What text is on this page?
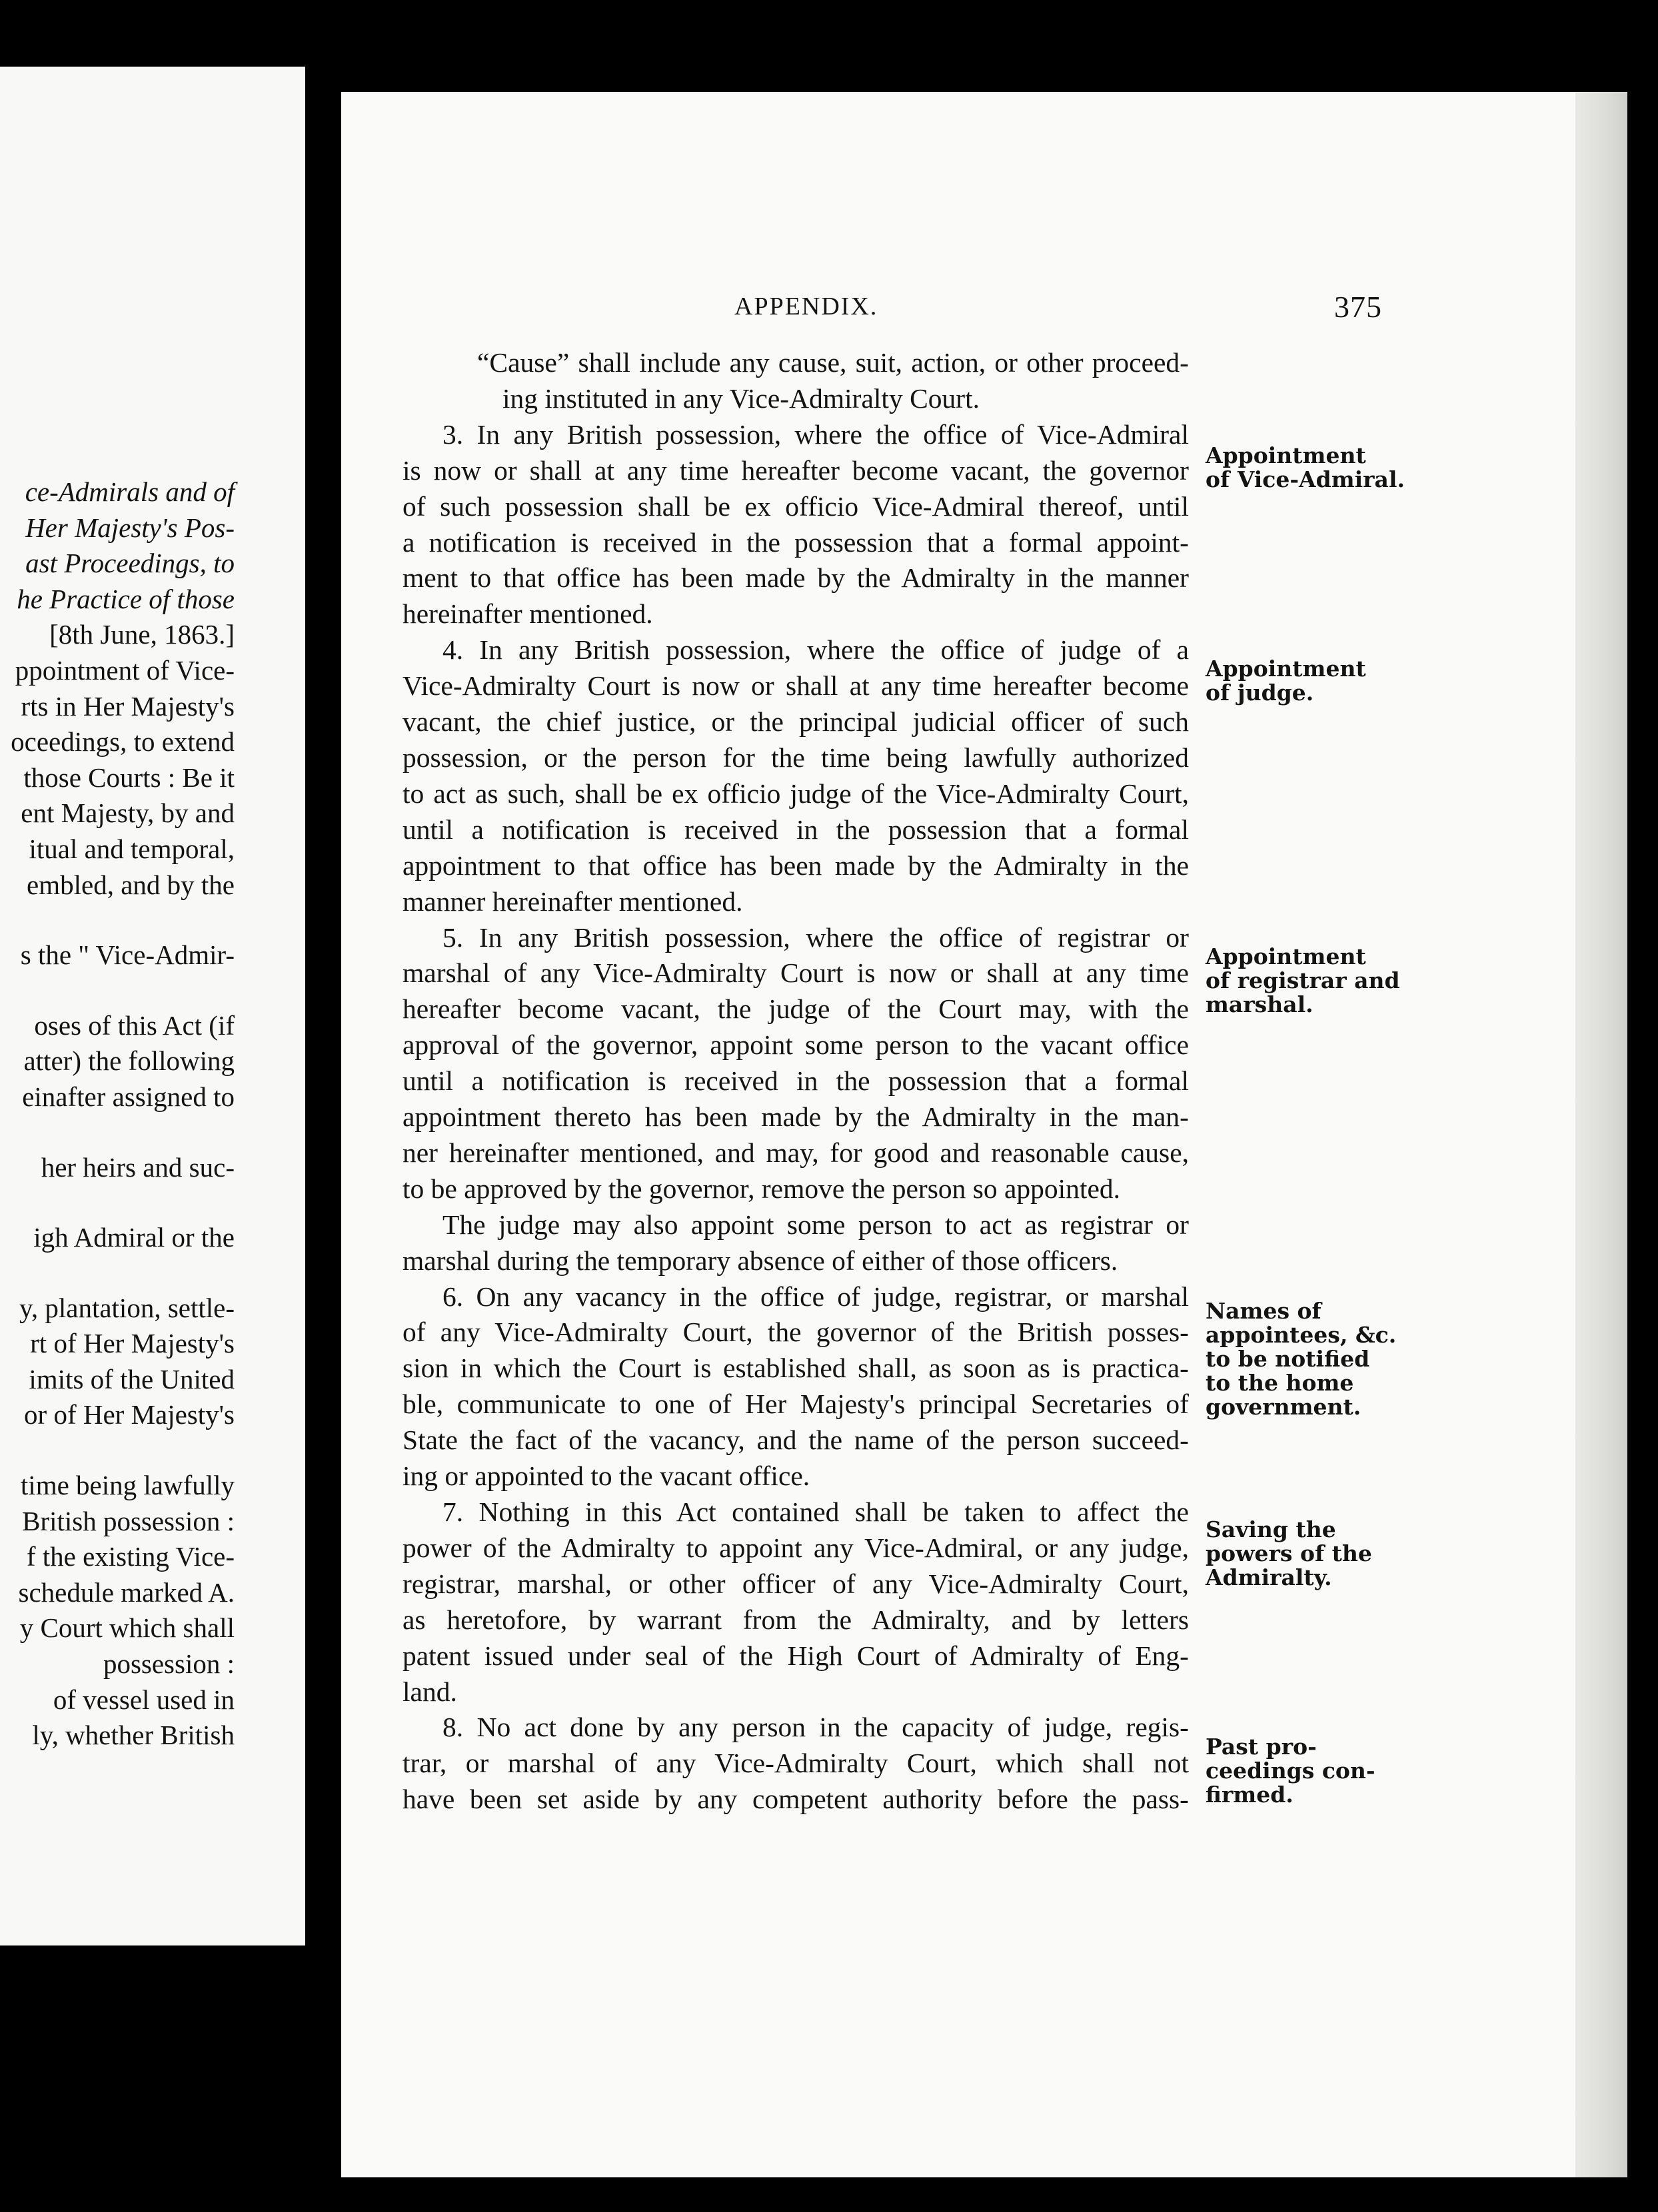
ce-Admirals and of
Her Majesty's Pos-
ast Proceedings, to
he Practice of those
[8th June, 1863.]
ppointment of Vice-
rts in Her Majesty's
oceedings, to extend
those Courts : Be it
ent Majesty, by and
itual and temporal,
embled, and by the
s the " Vice-Admir-
oses of this Act (if
atter) the following
einafter assigned to
her heirs and suc-
igh Admiral or the
y, plantation, settle-
rt of Her Majesty's
imits of the United
or of Her Majesty's
time being lawfully
British possession :
f the existing Vice-
schedule marked A.
y Court which shall
possession :
of vessel used in
ly, whether British
APPENDIX.	375
“Cause” shall include any cause, suit, action, or other proceed-
ing instituted in any Vice-Admiralty Court.
3. In any British possession, where the office of Vice-Admiral
is now or shall at any time hereafter become vacant, the governor
of such possession shall be ex officio Vice-Admiral thereof, until
a notification is received in the possession that a formal appoint-
ment to that office has been made by the Admiralty in the manner
hereinafter mentioned.
4. In any British possession, where the office of judge of a
Vice-Admiralty Court is now or shall at any time hereafter become
vacant, the chief justice, or the principal judicial officer of such
possession, or the person for the time being lawfully authorized
to act as such, shall be ex officio judge of the Vice-Admiralty Court,
until a notification is received in the possession that a formal
appointment to that office has been made by the Admiralty in the
manner hereinafter mentioned.
5. In any British possession, where the office of registrar or
marshal of any Vice-Admiralty Court is now or shall at any time
hereafter become vacant, the judge of the Court may, with the
approval of the governor, appoint some person to the vacant office
until a notification is received in the possession that a formal
appointment thereto has been made by the Admiralty in the man-
ner hereinafter mentioned, and may, for good and reasonable cause,
to be approved by the governor, remove the person so appointed.
The judge may also appoint some person to act as registrar or
marshal during the temporary absence of either of those officers.
6. On any vacancy in the office of judge, registrar, or marshal
of any Vice-Admiralty Court, the governor of the British posses-
sion in which the Court is established shall, as soon as is practica-
ble, communicate to one of Her Majesty's principal Secretaries of
State the fact of the vacancy, and the name of the person succeed-
ing or appointed to the vacant office.
7. Nothing in this Act contained shall be taken to affect the
power of the Admiralty to appoint any Vice-Admiral, or any judge,
registrar, marshal, or other officer of any Vice-Admiralty Court,
as heretofore, by warrant from the Admiralty, and by letters
patent issued under seal of the High Court of Admiralty of Eng-
land.
8. No act done by any person in the capacity of judge, regis-
trar, or marshal of any Vice-Admiralty Court, which shall not
have been set aside by any competent authority before the pass-
Appointment
of Vice-Admiral.
Appointment
of judge.
Appointment
of registrar and
marshal.
Names of
appointees, &c.
to be notified
to the home
government.
Saving the
powers of the
Admiralty.
Past pro-
ceedings con-
firmed.
